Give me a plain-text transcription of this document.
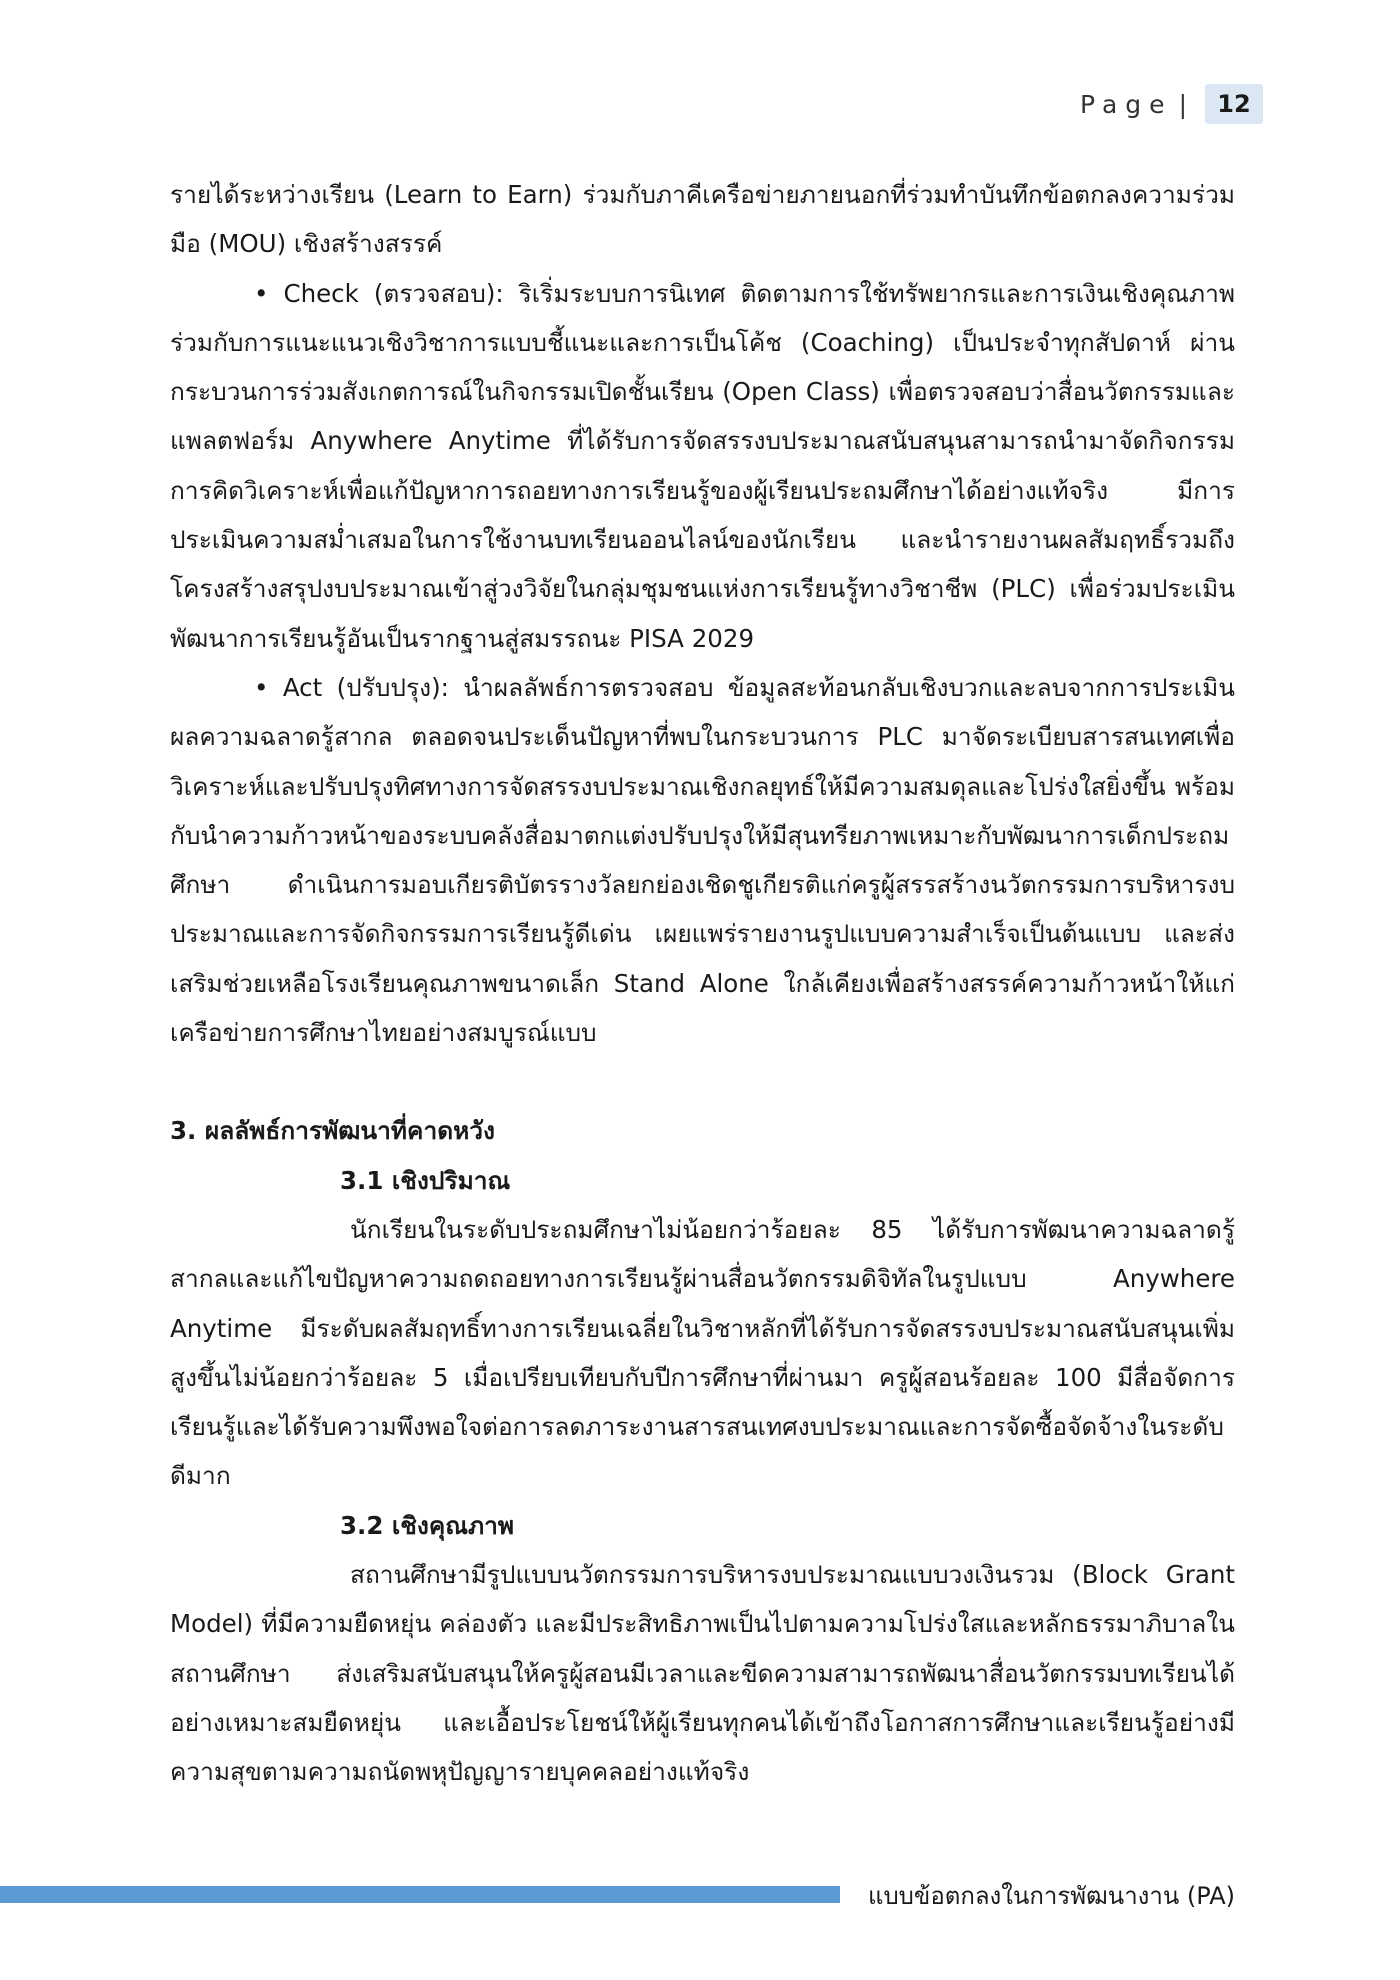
Page |	12

รายได้ระหว่างเรียน (Learn to Earn) ร่วมกับภาคีเครือข่ายภายนอกที่ร่วมทำบันทึกข้อตกลงความร่วมมือ (MOU) เชิงสร้างสรรค์

• Check (ตรวจสอบ): ริเริ่มระบบการนิเทศ ติดตามการใช้ทรัพยากรและการเงินเชิงคุณภาพร่วมกับการแนะแนวเชิงวิชาการแบบชี้แนะและการเป็นโค้ช (Coaching) เป็นประจำทุกสัปดาห์ ผ่านกระบวนการร่วมสังเกตการณ์ในกิจกรรมเปิดชั้นเรียน (Open Class) เพื่อตรวจสอบว่าสื่อนวัตกรรมและแพลตฟอร์ม Anywhere Anytime ที่ได้รับการจัดสรรงบประมาณสนับสนุนสามารถนำมาจัดกิจกรรมการคิดวิเคราะห์เพื่อแก้ปัญหาการถอยทางการเรียนรู้ของผู้เรียนประถมศึกษาได้อย่างแท้จริง มีการประเมินความสม่ำเสมอในการใช้งานบทเรียนออนไลน์ของนักเรียน และนำรายงานผลสัมฤทธิ์รวมถึงโครงสร้างสรุปงบประมาณเข้าสู่วงวิจัยในกลุ่มชุมชนแห่งการเรียนรู้ทางวิชาชีพ (PLC) เพื่อร่วมประเมินพัฒนาการเรียนรู้อันเป็นรากฐานสู่สมรรถนะ PISA 2029

• Act (ปรับปรุง): นำผลลัพธ์การตรวจสอบ ข้อมูลสะท้อนกลับเชิงบวกและลบจากการประเมินผลความฉลาดรู้สากล ตลอดจนประเด็นปัญหาที่พบในกระบวนการ PLC มาจัดระเบียบสารสนเทศเพื่อวิเคราะห์และปรับปรุงทิศทางการจัดสรรงบประมาณเชิงกลยุทธ์ให้มีความสมดุลและโปร่งใสยิ่งขึ้น พร้อมกับนำความก้าวหน้าของระบบคลังสื่อมาตกแต่งปรับปรุงให้มีสุนทรียภาพเหมาะกับพัฒนาการเด็กประถมศึกษา ดำเนินการมอบเกียรติบัตรรางวัลยกย่องเชิดชูเกียรติแก่ครูผู้สรรสร้างนวัตกรรมการบริหารงบประมาณและการจัดกิจกรรมการเรียนรู้ดีเด่น เผยแพร่รายงานรูปแบบความสำเร็จเป็นต้นแบบ และส่งเสริมช่วยเหลือโรงเรียนคุณภาพขนาดเล็ก Stand Alone ใกล้เคียงเพื่อสร้างสรรค์ความก้าวหน้าให้แก่เครือข่ายการศึกษาไทยอย่างสมบูรณ์แบบ

3. ผลลัพธ์การพัฒนาที่คาดหวัง

3.1 เชิงปริมาณ

นักเรียนในระดับประถมศึกษาไม่น้อยกว่าร้อยละ 85 ได้รับการพัฒนาความฉลาดรู้สากลและแก้ไขปัญหาความถดถอยทางการเรียนรู้ผ่านสื่อนวัตกรรมดิจิทัลในรูปแบบ Anywhere Anytime มีระดับผลสัมฤทธิ์ทางการเรียนเฉลี่ยในวิชาหลักที่ได้รับการจัดสรรงบประมาณสนับสนุนเพิ่มสูงขึ้นไม่น้อยกว่าร้อยละ 5 เมื่อเปรียบเทียบกับปีการศึกษาที่ผ่านมา ครูผู้สอนร้อยละ 100 มีสื่อจัดการเรียนรู้และได้รับความพึงพอใจต่อการลดภาระงานสารสนเทศงบประมาณและการจัดซื้อจัดจ้างในระดับดีมาก

3.2 เชิงคุณภาพ

สถานศึกษามีรูปแบบนวัตกรรมการบริหารงบประมาณแบบวงเงินรวม (Block Grant Model) ที่มีความยืดหยุ่น คล่องตัว และมีประสิทธิภาพเป็นไปตามความโปร่งใสและหลักธรรมาภิบาลในสถานศึกษา ส่งเสริมสนับสนุนให้ครูผู้สอนมีเวลาและขีดความสามารถพัฒนาสื่อนวัตกรรมบทเรียนได้อย่างเหมาะสมยืดหยุ่น และเอื้อประโยชน์ให้ผู้เรียนทุกคนได้เข้าถึงโอกาสการศึกษาและเรียนรู้อย่างมีความสุขตามความถนัดพหุปัญญารายบุคคลอย่างแท้จริง

แบบข้อตกลงในการพัฒนางาน (PA)
